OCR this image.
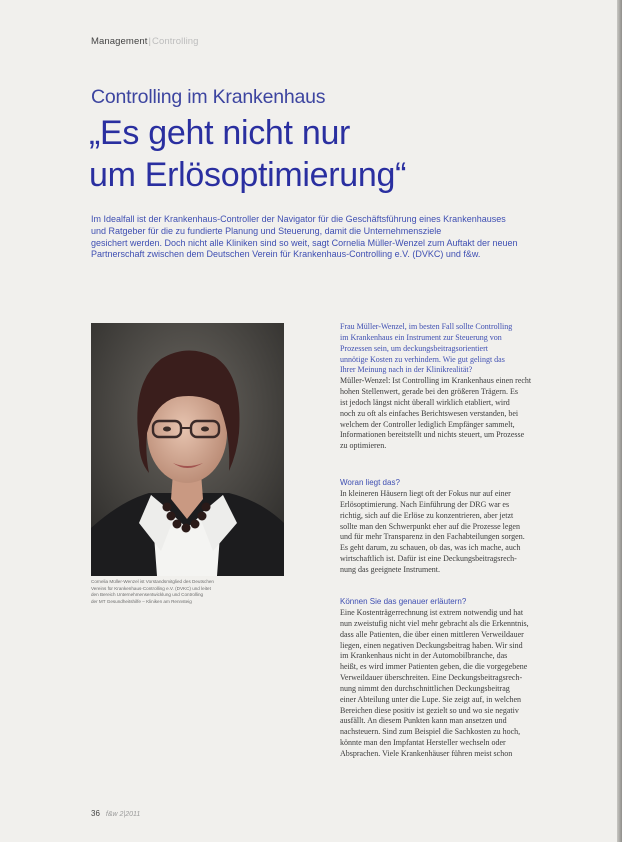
Management|Controlling
Controlling im Krankenhaus
„Es geht nicht nur
um Erlösoptimierung“
Im Idealfall ist der Krankenhaus-Controller der Navigator für die Geschäftsführung eines Krankenhauses
und Ratgeber für die zu fundierte Planung und Steuerung, damit die Unternehmensziele
gesichert werden. Doch nicht alle Kliniken sind so weit, sagt Cornelia Müller-Wenzel zum Auftakt der neuen
Partnerschaft zwischen dem Deutschen Verein für Krankenhaus-Controlling e.V. (DVKC) und f&w.
Cornelia Müller-Wenzel ist Vorstandsmitglied des Deutschen
Vereins für Krankenhaus-Controlling e.V. (DVKC) und leitet
den Bereich Unternehmensentwicklung und Controlling
der MT Gesundheitshilfe – Kliniken am Rennsteig
Frau Müller-Wenzel, im besten Fall sollte Controlling
im Krankenhaus ein Instrument zur Steuerung von
Prozessen sein, um deckungsbeitragsorientiert
unnötige Kosten zu verhindern. Wie gut gelingt das
Ihrer Meinung nach in der Klinikrealität?
Müller-Wenzel: Ist Controlling im Krankenhaus einen recht
hohen Stellenwert, gerade bei den größeren Trägern. Es
ist jedoch längst nicht überall wirklich etabliert, wird
noch zu oft als einfaches Berichtswesen verstanden, bei
welchem der Controller lediglich Empfänger sammelt,
Informationen bereitstellt und nichts steuert, um Prozesse
zu optimieren.
Woran liegt das?
In kleineren Häusern liegt oft der Fokus nur auf einer
Erlösoptimierung. Nach Einführung der DRG war es
richtig, sich auf die Erlöse zu konzentrieren, aber jetzt
sollte man den Schwerpunkt eher auf die Prozesse legen
und für mehr Transparenz in den Fachabteilungen sorgen.
Es geht darum, zu schauen, ob das, was ich mache, auch
wirtschaftlich ist. Dafür ist eine Deckungsbeitragsrech-
nung das geeignete Instrument.
Können Sie das genauer erläutern?
Eine Kostenträgerrechnung ist extrem notwendig und hat
nun zweistufig nicht viel mehr gebracht als die Erkenntnis,
dass alle Patienten, die über einen mittleren Verweildauer
liegen, einen negativen Deckungsbeitrag haben. Wir sind
im Krankenhaus nicht in der Automobilbranche, das
heißt, es wird immer Patienten geben, die die vorgegebene
Verweildauer überschreiten. Eine Deckungsbeitragsrech-
nung nimmt den durchschnittlichen Deckungsbeitrag
einer Abteilung unter die Lupe. Sie zeigt auf, in welchen
Bereichen diese positiv ist gezielt so und wo sie negativ
ausfällt. An diesem Punkten kann man ansetzen und
nachsteuern. Sind zum Beispiel die Sachkosten zu hoch,
könnte man den Impfantat Hersteller wechseln oder
Absprachen. Viele Krankenhäuser führen meist schon
36 f&w 2|2011
